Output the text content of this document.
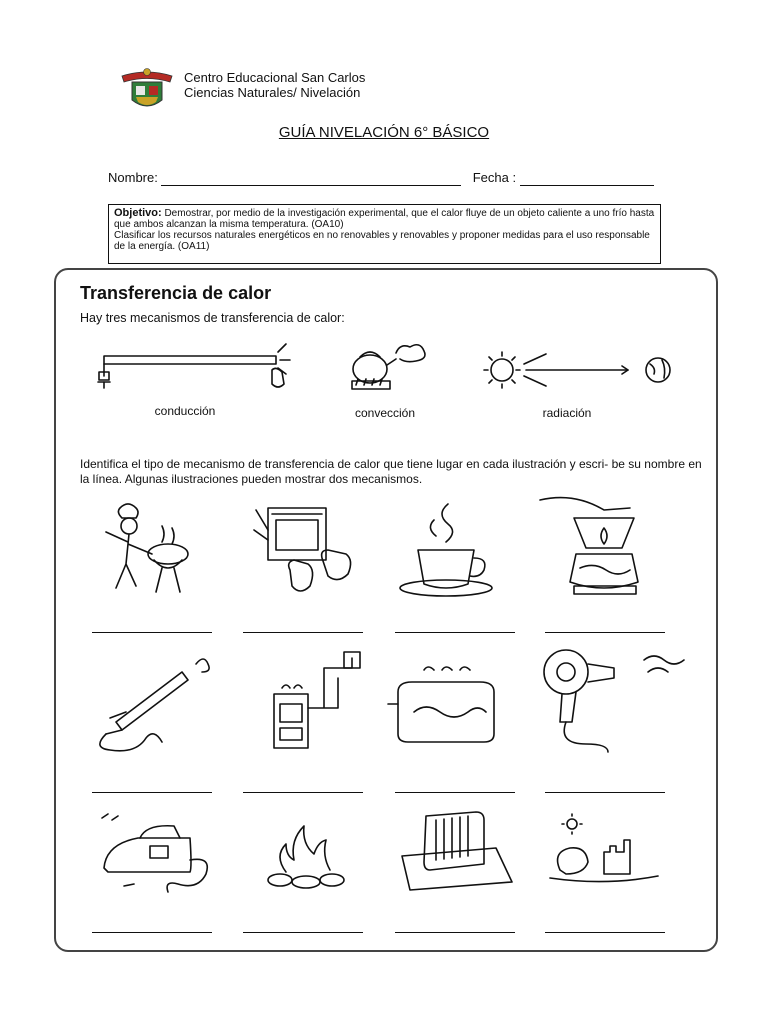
Centro Educacional San Carlos
Ciencias Naturales/ Nivelación
GUÍA NIVELACIÓN 6° BÁSICO
Nombre:	Fecha :
Objetivo: Demostrar, por medio de la investigación experimental, que el calor fluye de un objeto caliente a uno frío hasta que ambos alcanzan la misma temperatura. (OA10)
Clasificar los recursos naturales energéticos en no renovables y renovables y proponer medidas para el uso responsable de la energía. (OA11)
Transferencia de calor
Hay tres mecanismos de transferencia de calor:
conducción	convección	radiación
Identifica el tipo de mecanismo de transferencia de calor que tiene lugar en cada ilustración y escri- be su nombre en la línea. Algunas ilustraciones pueden mostrar dos mecanismos.
